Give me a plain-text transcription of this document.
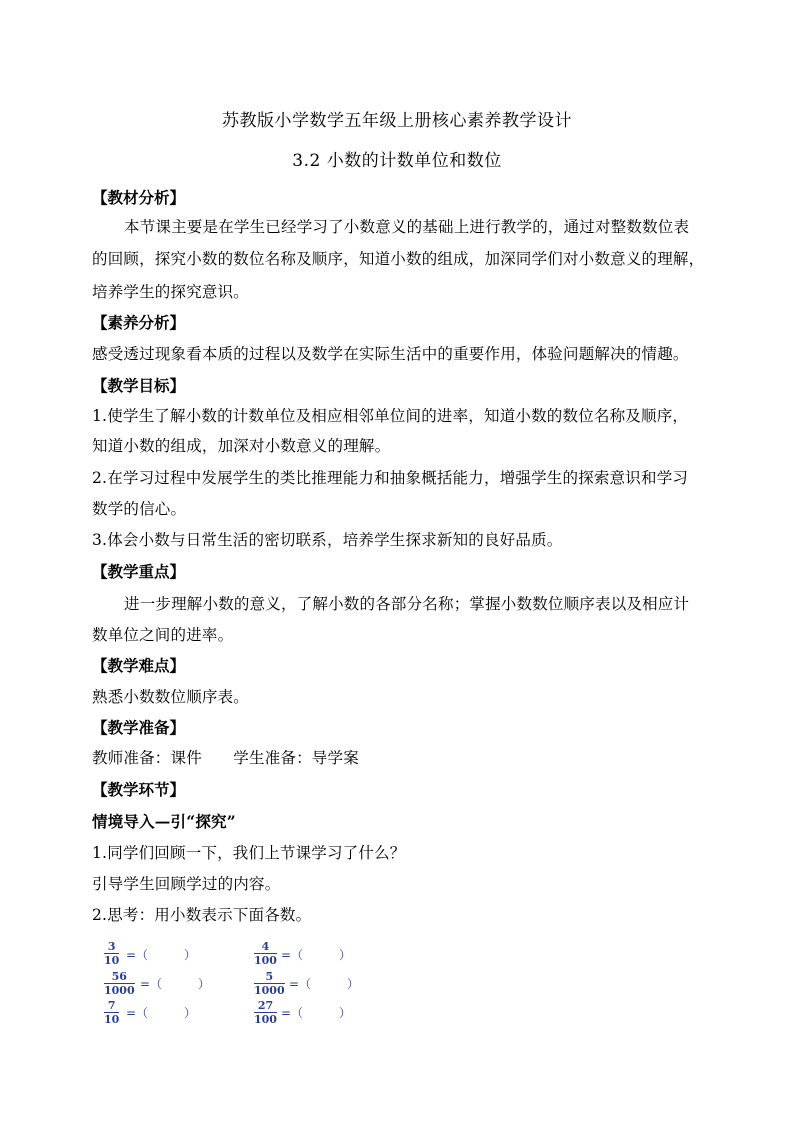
苏教版小学数学五年级上册核心素养教学设计
3.2 小数的计数单位和数位
【教材分析】
本节课主要是在学生已经学习了小数意义的基础上进行教学的，通过对整数数位表
的回顾，探究小数的数位名称及顺序，知道小数的组成，加深同学们对小数意义的理解，
培养学生的探究意识。
【素养分析】
感受透过现象看本质的过程以及数学在实际生活中的重要作用，体验问题解决的情趣。
【教学目标】
1.使学生了解小数的计数单位及相应相邻单位间的进率，知道小数的数位名称及顺序，
知道小数的组成，加深对小数意义的理解。
2.在学习过程中发展学生的类比推理能力和抽象概括能力，增强学生的探索意识和学习
数学的信心。
3.体会小数与日常生活的密切联系，培养学生探求新知的良好品质。
【教学重点】
进一步理解小数的意义，了解小数的各部分名称；掌握小数数位顺序表以及相应计
数单位之间的进率。
【教学难点】
熟悉小数数位顺序表。
【教学准备】
教师准备：课件　　学生准备：导学案
【教学环节】
情境导入—引“探究”
1.同学们回顾一下，我们上节课学习了什么？
引导学生回顾学过的内容。
2.思考：用小数表示下面各数。
3
10 =（　　　）
4
100 =（　　　）
56
1000 =（　　　）
5
1000 =（　　　）
7
10 =（　　　）
27
100 =（　　　）
